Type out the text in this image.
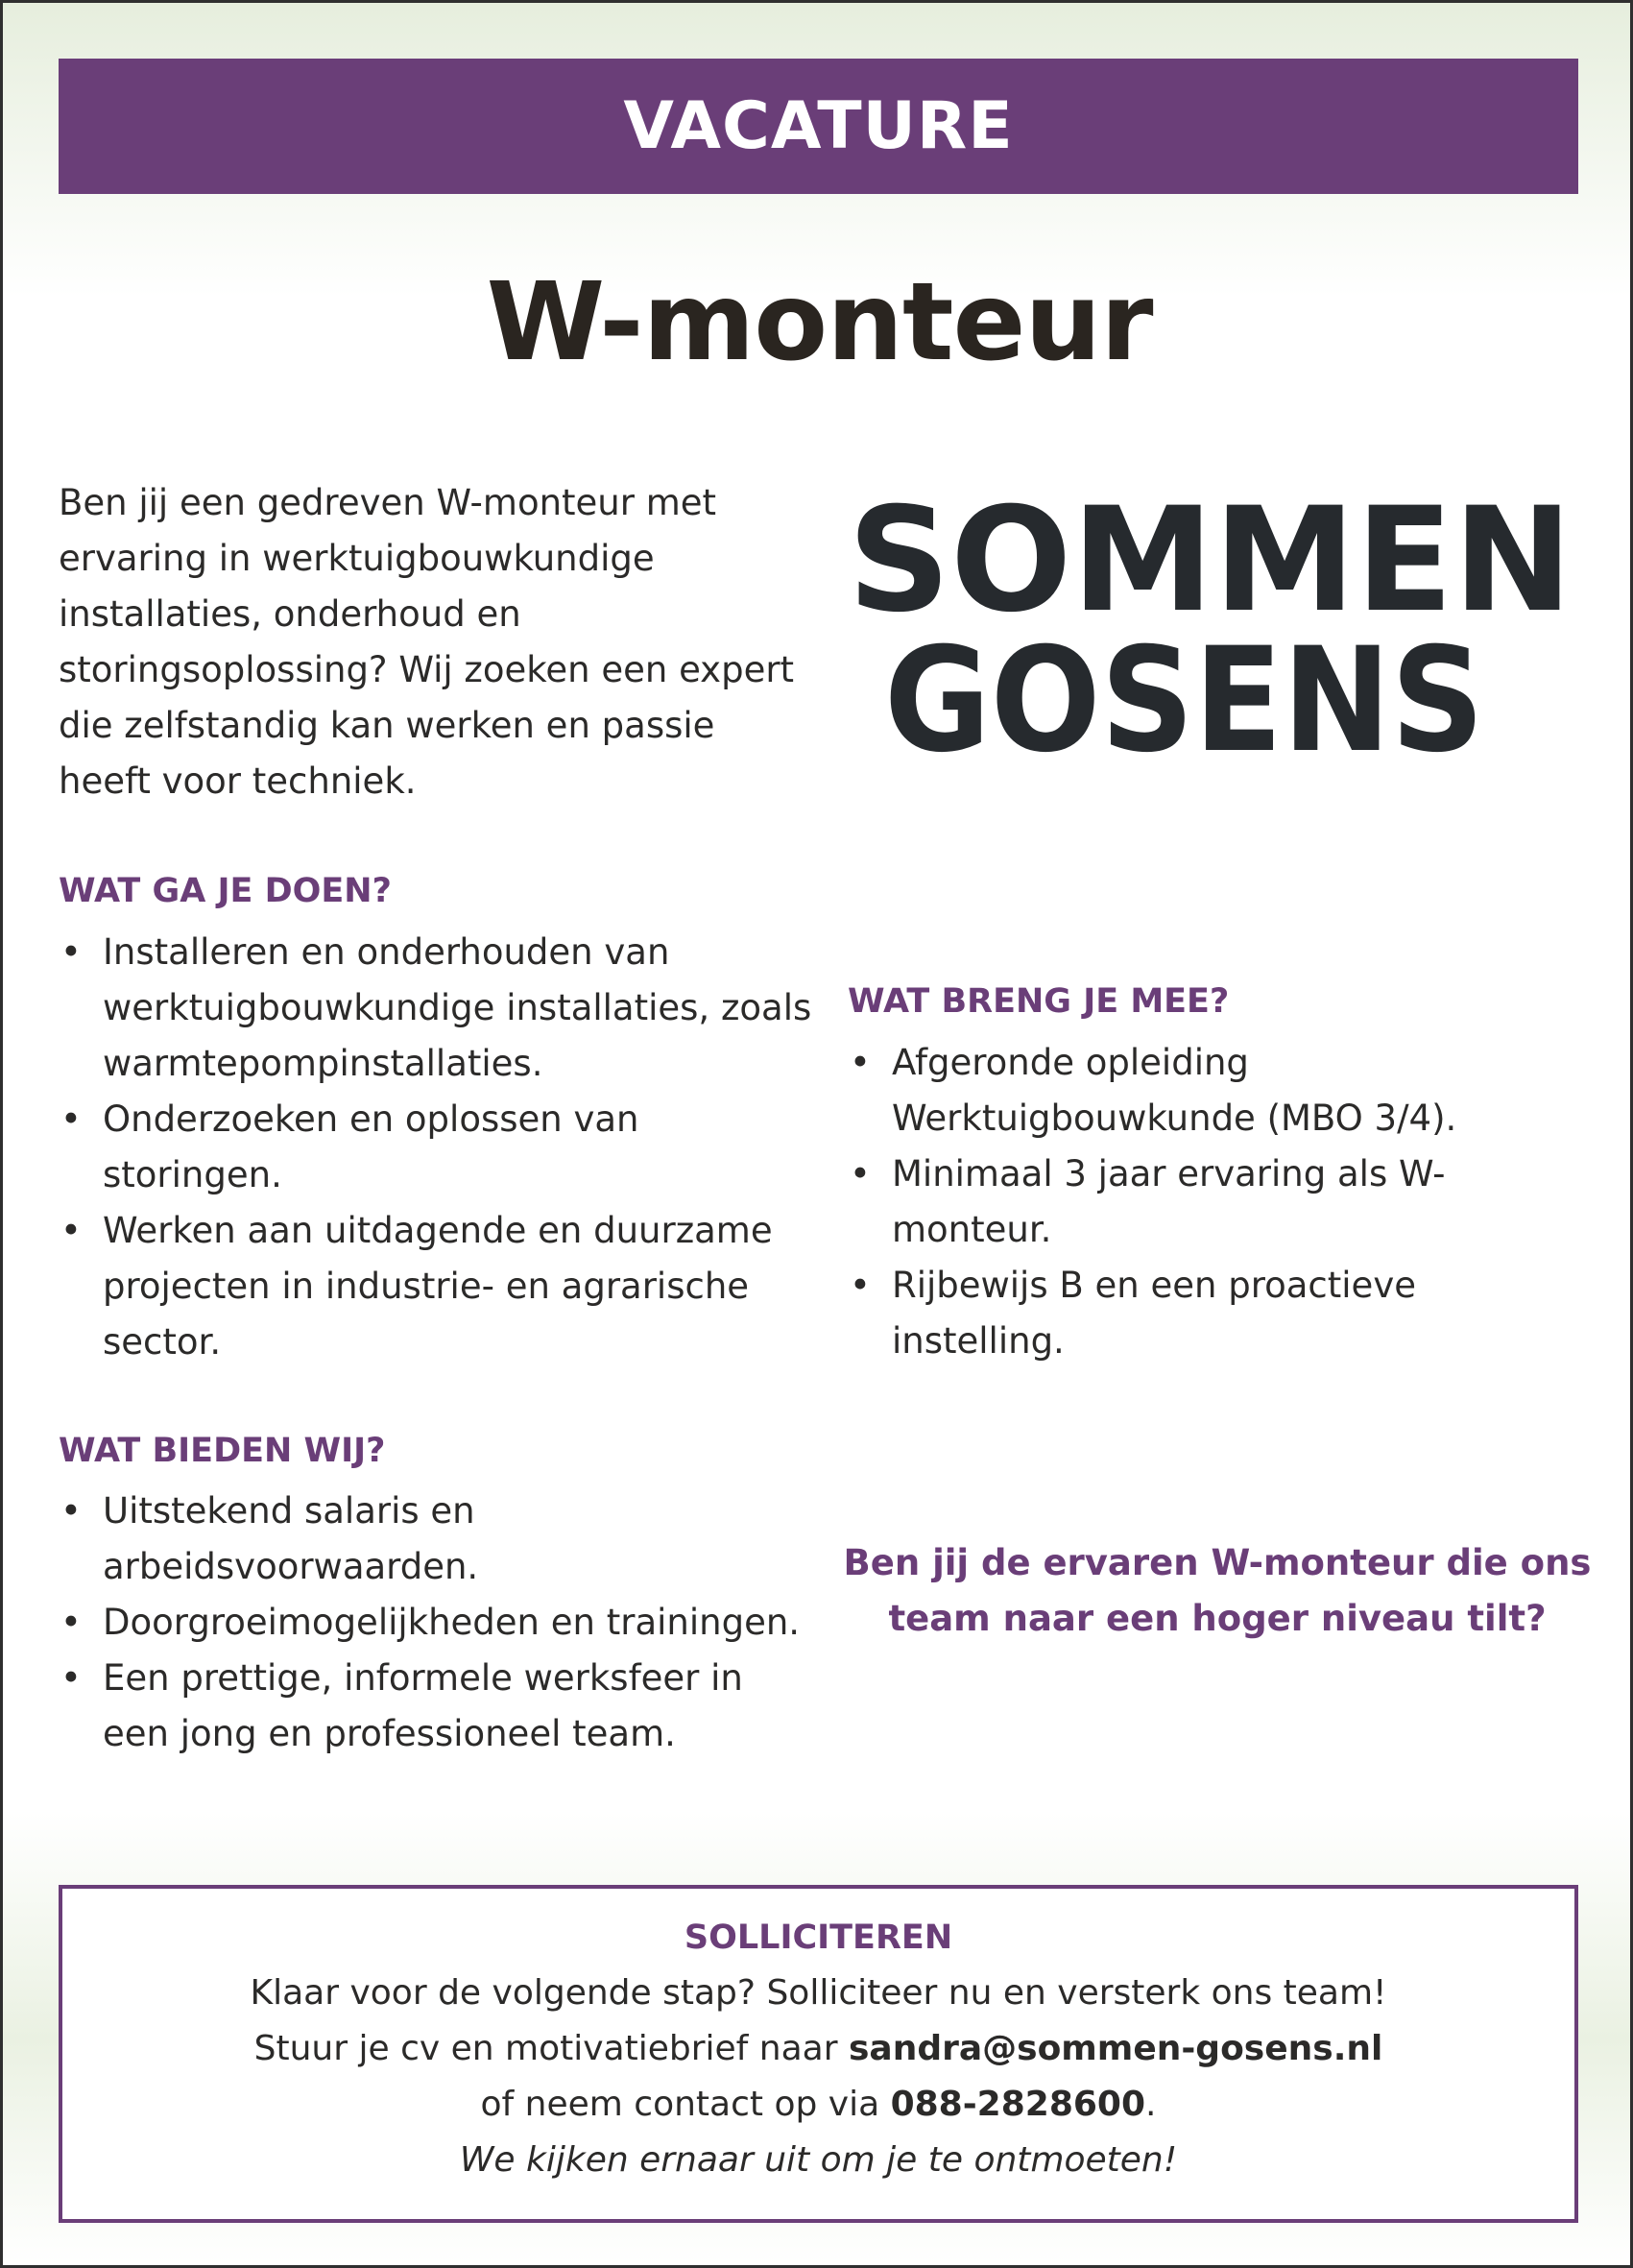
VACATURE
W-monteur

Ben jij een gedreven W-monteur met ervaring in werktuigbouwkundige installaties, onderhoud en storingsoplossing? Wij zoeken een expert die zelfstandig kan werken en passie heeft voor techniek.

SOMMEN
GOSENS
WAT GA JE DOEN?
• Installeren en onderhouden van werktuigbouwkundige installaties, zoals warmtepompinstallaties.
• Onderzoeken en oplossen van storingen.
• Werken aan uitdagende en duurzame projecten in industrie- en agrarische sector.
WAT BRENG JE MEE?
• Afgeronde opleiding Werktuigbouwkunde (MBO 3/4).
• Minimaal 3 jaar ervaring als W-monteur.
• Rijbewijs B en een proactieve instelling.
WAT BIEDEN WIJ?
• Uitstekend salaris en arbeidsvoorwaarden.
• Doorgroeimogelijkheden en trainingen.
• Een prettige, informele werksfeer in een jong en professioneel team.

Ben jij de ervaren W-monteur die ons team naar een hoger niveau tilt?

SOLLICITEREN
Klaar voor de volgende stap? Solliciteer nu en versterk ons team!
Stuur je cv en motivatiebrief naar sandra@sommen-gosens.nl
of neem contact op via 088-2828600.
We kijken ernaar uit om je te ontmoeten!
